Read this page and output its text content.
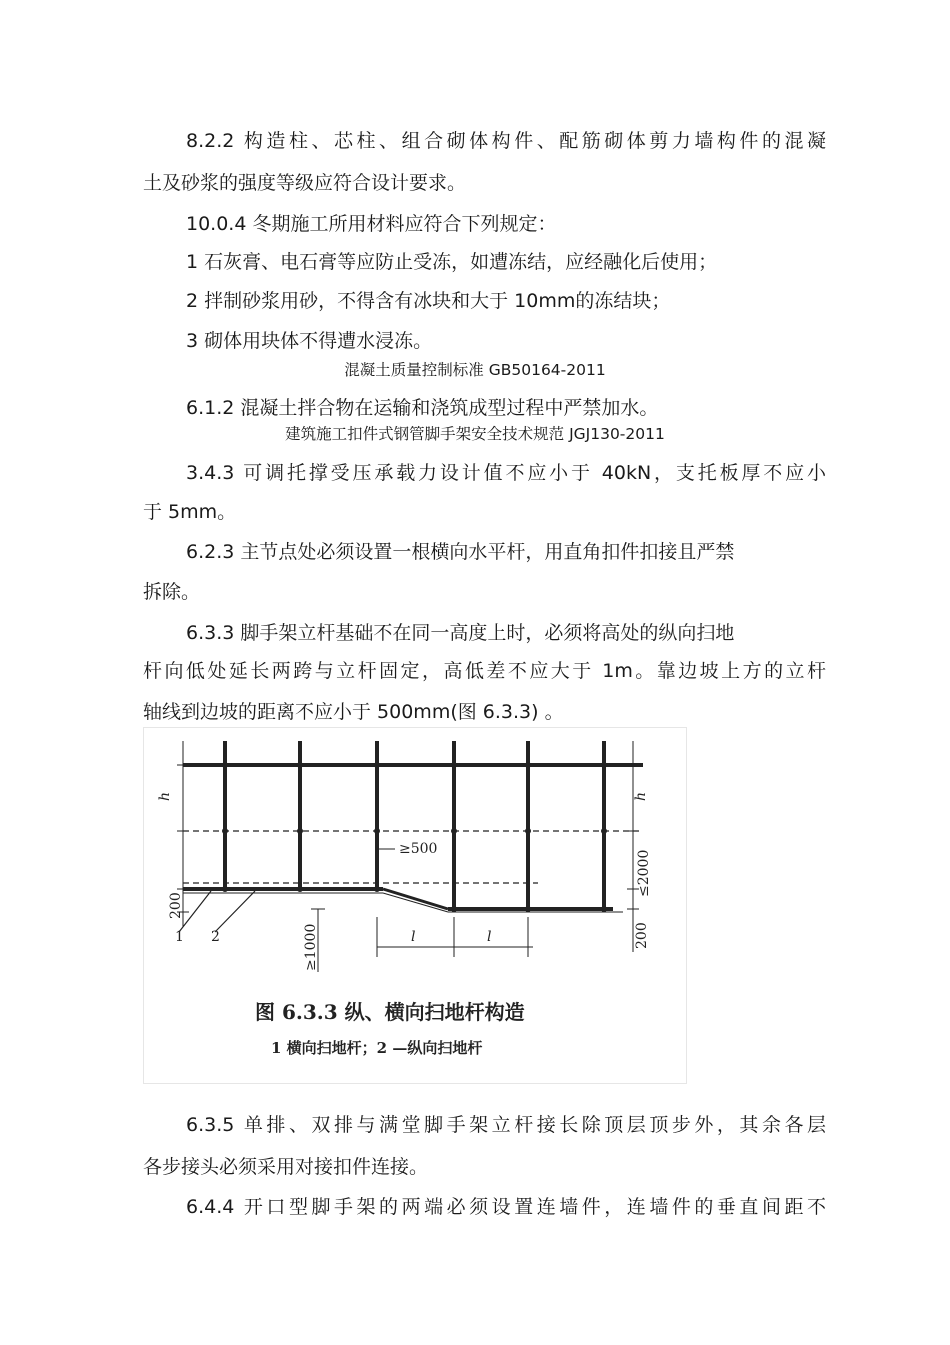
8.2.2 构造柱、芯柱、组合砌体构件、配筋砌体剪力墙构件的混凝
土及砂浆的强度等级应符合设计要求。
10.0.4 冬期施工所用材料应符合下列规定：
1 石灰膏、电石膏等应防止受冻，如遭冻结，应经融化后使用；
2 拌制砂浆用砂，不得含有冰块和大于 10mm的冻结块；
3 砌体用块体不得遭水浸冻。
混凝土质量控制标准 GB50164-2011
6.1.2 混凝土拌合物在运输和浇筑成型过程中严禁加水。
建筑施工扣件式钢管脚手架安全技术规范 JGJ130-2011
3.4.3 可调托撑受压承载力设计值不应小于 40kN，支托板厚不应小
于 5mm。
6.2.3 主节点处必须设置一根横向水平杆，用直角扣件扣接且严禁
拆除。
6.3.3 脚手架立杆基础不在同一高度上时，必须将高处的纵向扫地
杆向低处延长两跨与立杆固定，高低差不应大于 1m。靠边坡上方的立杆
轴线到边坡的距离不应小于 500mm(图 6.3.3) 。
h	h
≥500
≤2000
200
200
≥1000	l	l
1 2
图 6.3.3 纵、横向扫地杆构造
1 横向扫地杆；2 —纵向扫地杆
6.3.5 单排、双排与满堂脚手架立杆接长除顶层顶步外，其余各层
各步接头必须采用对接扣件连接。
6.4.4 开口型脚手架的两端必须设置连墙件，连墙件的垂直间距不
